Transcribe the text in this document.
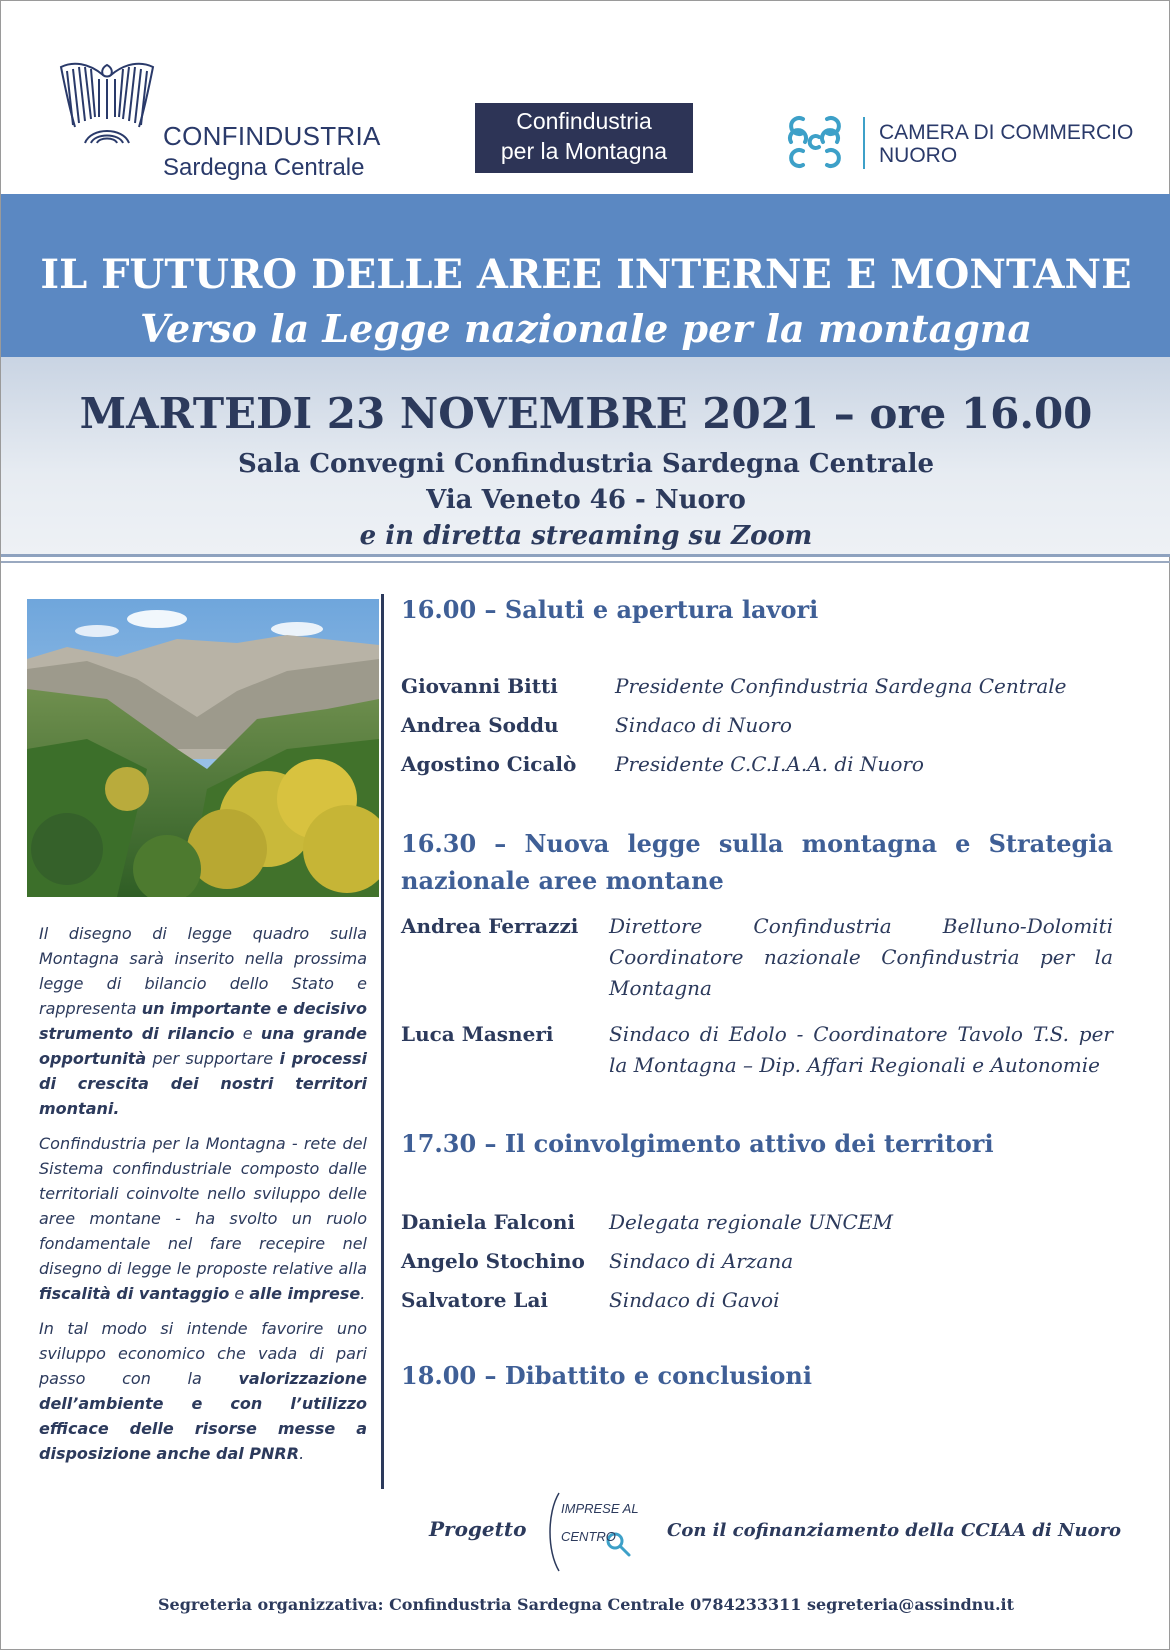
CONFINDUSTRIA
Sardegna Centrale
Confindustria
per la Montagna
CAMERA DI COMMERCIO
NUORO
IL FUTURO DELLE AREE INTERNE E MONTANE
Verso la Legge nazionale per la montagna
MARTEDI 23 NOVEMBRE 2021 – ore 16.00
Sala Convegni Confindustria Sardegna Centrale
Via Veneto 46 - Nuoro
e in diretta streaming su Zoom

Il disegno di legge quadro sulla Montagna sarà inserito nella prossima legge di bilancio dello Stato e rappresenta un importante e decisivo strumento di rilancio e una grande opportunità per supportare i processi di crescita dei nostri territori montani.

Confindustria per la Montagna - rete del Sistema confindustriale composto dalle territoriali coinvolte nello sviluppo delle aree montane - ha svolto un ruolo fondamentale nel fare recepire nel disegno di legge le proposte relative alla fiscalità di vantaggio e alle imprese.

In tal modo si intende favorire uno sviluppo economico che vada di pari passo con la valorizzazione dell’ambiente e con l’utilizzo efficace delle risorse messe a disposizione anche dal PNRR.

16.00 – Saluti e apertura lavori
Giovanni Bitti	Presidente Confindustria Sardegna Centrale
Andrea Soddu	Sindaco di Nuoro
Agostino Cicalò Presidente C.C.I.A.A. di Nuoro
16.30 – Nuova legge sulla montagna e Strategia nazionale aree montane
Andrea Ferrazzi Direttore Confindustria Belluno-Dolomiti Coordinatore nazionale Confindustria per la Montagna
Luca Masneri	Sindaco di Edolo - Coordinatore Tavolo T.S. per la Montagna – Dip. Affari Regionali e Autonomie
17.30 – Il coinvolgimento attivo dei territori
Daniela Falconi Delegata regionale UNCEM
Angelo Stochino Sindaco di Arzana
Salvatore Lai	Sindaco di Gavoi
18.00 – Dibattito e conclusioni
Progetto
IMPRESE AL
CENTRO	Con il cofinanziamento della CCIAA di Nuoro
Segreteria organizzativa: Confindustria Sardegna Centrale 0784233311 segreteria@assindnu.it
